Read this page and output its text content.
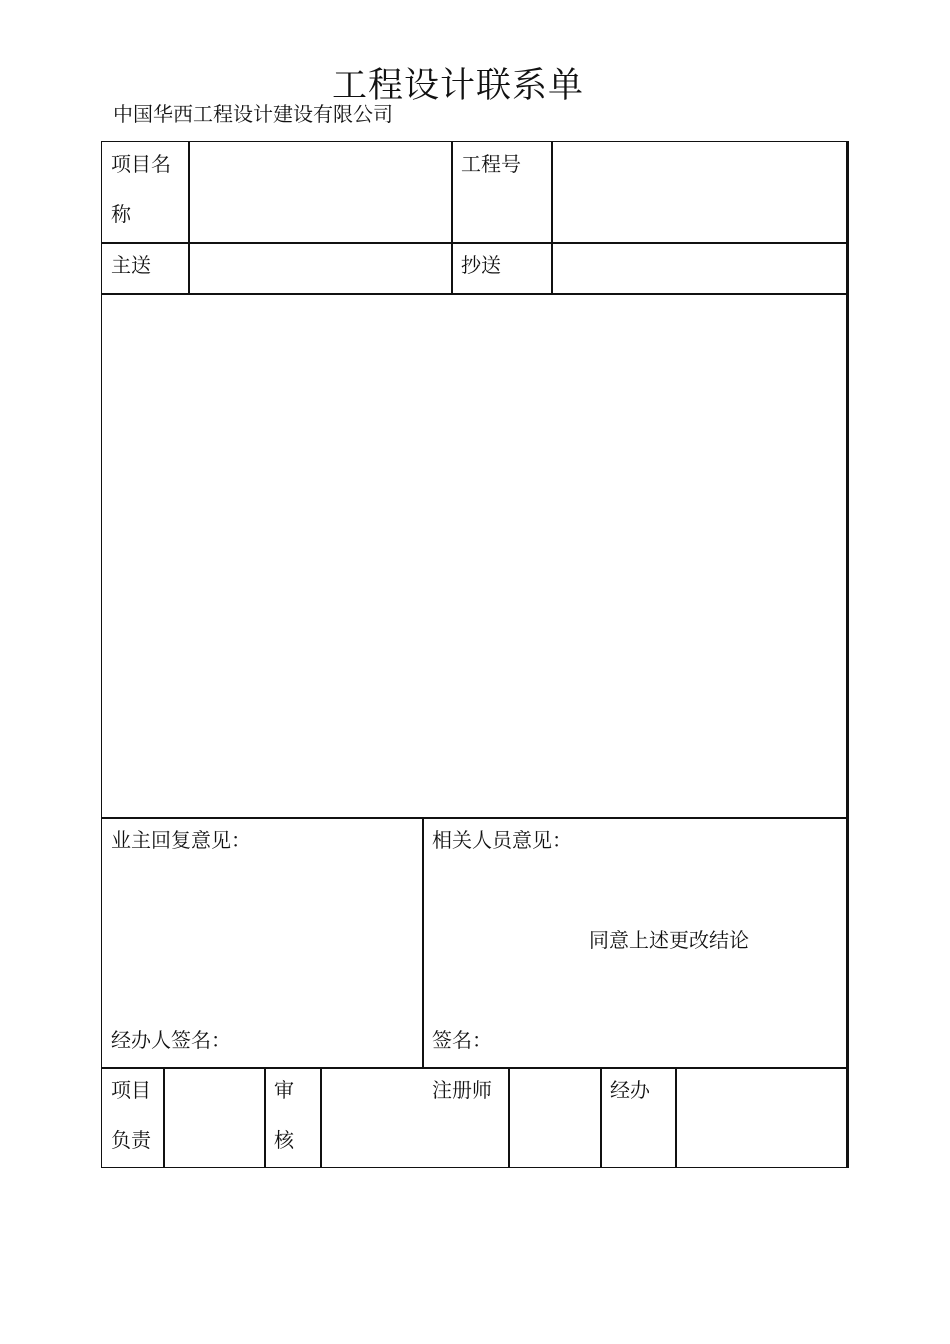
工程设计联系单
中国华西工程设计建设有限公司
项目名
称
工程号
主送	抄送
业主回复意见：
经办人签名：
相关人员意见：
同意上述更改结论
签名：
项目
负责
审
核
注册师	经办
